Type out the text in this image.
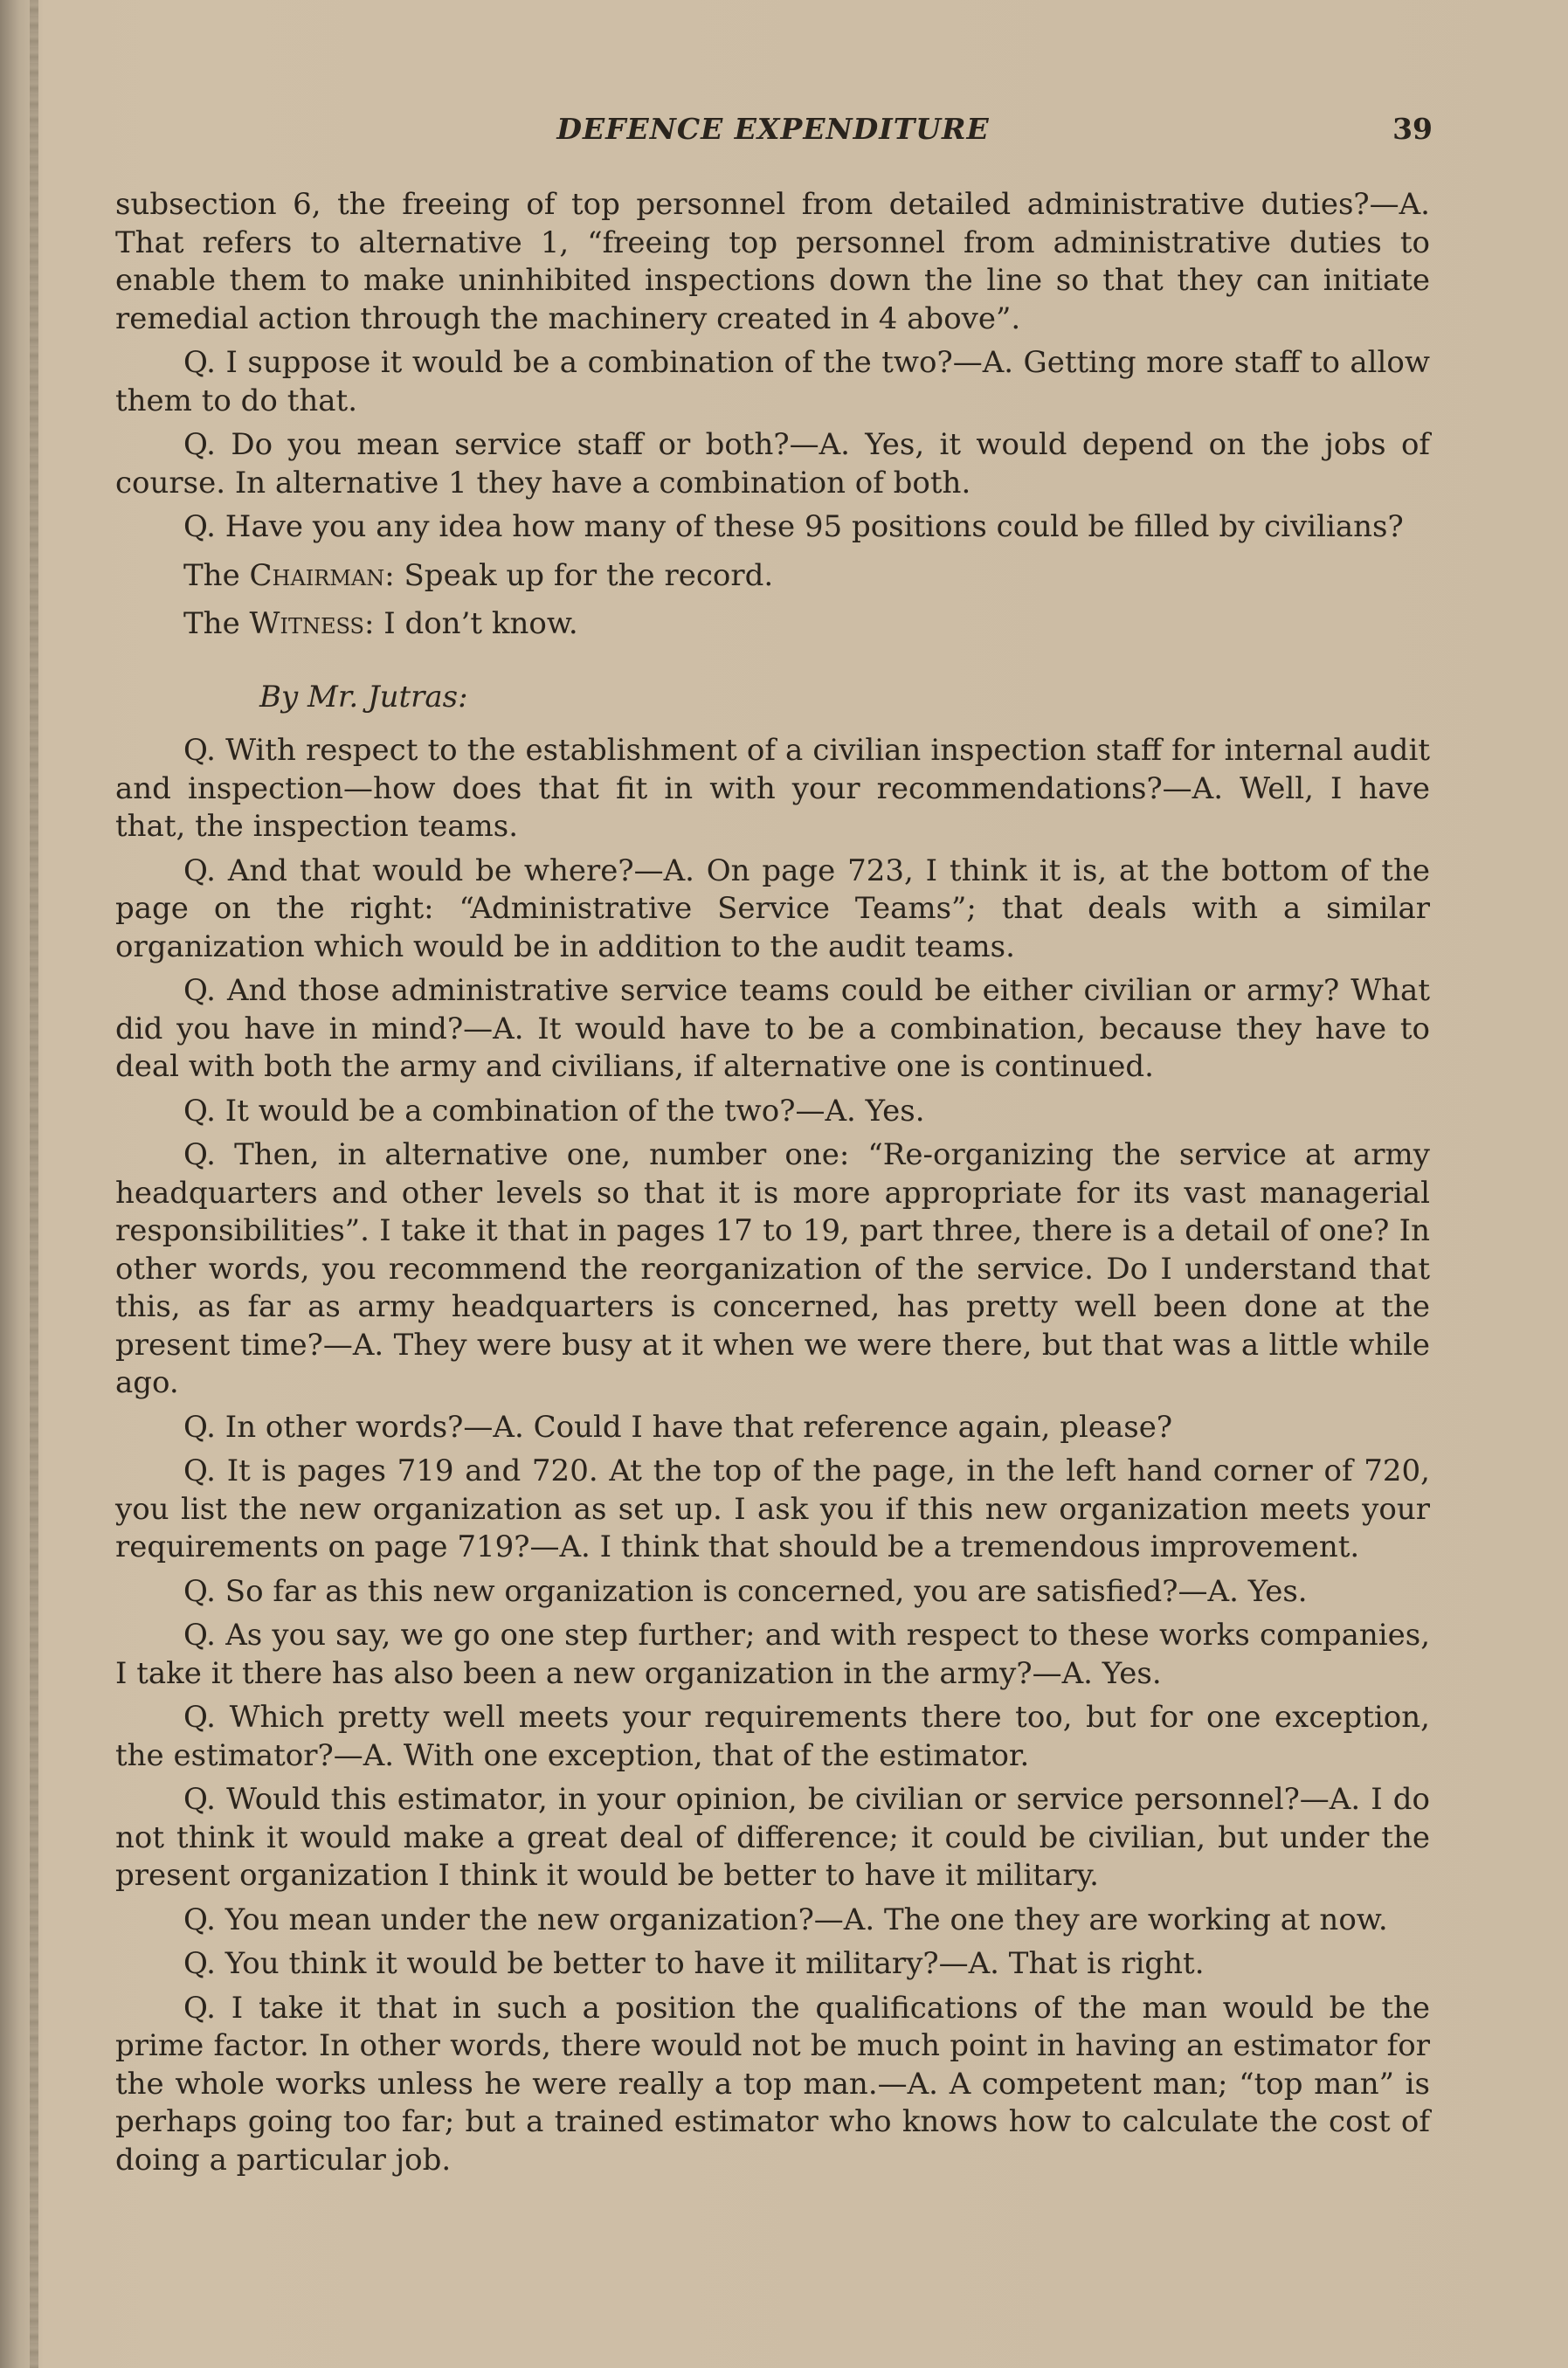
DEFENCE EXPENDITURE	39

subsection 6, the freeing of top personnel from detailed administrative duties?—A. That refers to alternative 1, “freeing top personnel from administrative duties to enable them to make uninhibited inspections down the line so that they can initiate remedial action through the machinery created in 4 above”.

Q. I suppose it would be a combination of the two?—A. Getting more staff to allow them to do that.

Q. Do you mean service staff or both?—A. Yes, it would depend on the jobs of course. In alternative 1 they have a combination of both.

Q. Have you any idea how many of these 95 positions could be filled by civilians?

The Chairman: Speak up for the record.

The Witness: I don’t know.

By Mr. Jutras:

Q. With respect to the establishment of a civilian inspection staff for internal audit and inspection—how does that fit in with your recommendations?—A. Well, I have that, the inspection teams.

Q. And that would be where?—A. On page 723, I think it is, at the bottom of the page on the right: “Administrative Service Teams”; that deals with a similar organization which would be in addition to the audit teams.

Q. And those administrative service teams could be either civilian or army? What did you have in mind?—A. It would have to be a combination, because they have to deal with both the army and civilians, if alternative one is continued.

Q. It would be a combination of the two?—A. Yes.

Q. Then, in alternative one, number one: “Re-organizing the service at army headquarters and other levels so that it is more appropriate for its vast managerial responsibilities”. I take it that in pages 17 to 19, part three, there is a detail of one? In other words, you recommend the reorganization of the service. Do I understand that this, as far as army headquarters is concerned, has pretty well been done at the present time?—A. They were busy at it when we were there, but that was a little while ago.

Q. In other words?—A. Could I have that reference again, please?

Q. It is pages 719 and 720. At the top of the page, in the left hand corner of 720, you list the new organization as set up. I ask you if this new organization meets your requirements on page 719?—A. I think that should be a tremendous improvement.

Q. So far as this new organization is concerned, you are satisfied?—A. Yes.

Q. As you say, we go one step further; and with respect to these works companies, I take it there has also been a new organization in the army?—A. Yes.

Q. Which pretty well meets your requirements there too, but for one exception, the estimator?—A. With one exception, that of the estimator.

Q. Would this estimator, in your opinion, be civilian or service personnel?—A. I do not think it would make a great deal of difference; it could be civilian, but under the present organization I think it would be better to have it military.

Q. You mean under the new organization?—A. The one they are working at now.

Q. You think it would be better to have it military?—A. That is right.

Q. I take it that in such a position the qualifications of the man would be the prime factor. In other words, there would not be much point in having an estimator for the whole works unless he were really a top man.—A. A competent man; “top man” is perhaps going too far; but a trained estimator who knows how to calculate the cost of doing a particular job.
